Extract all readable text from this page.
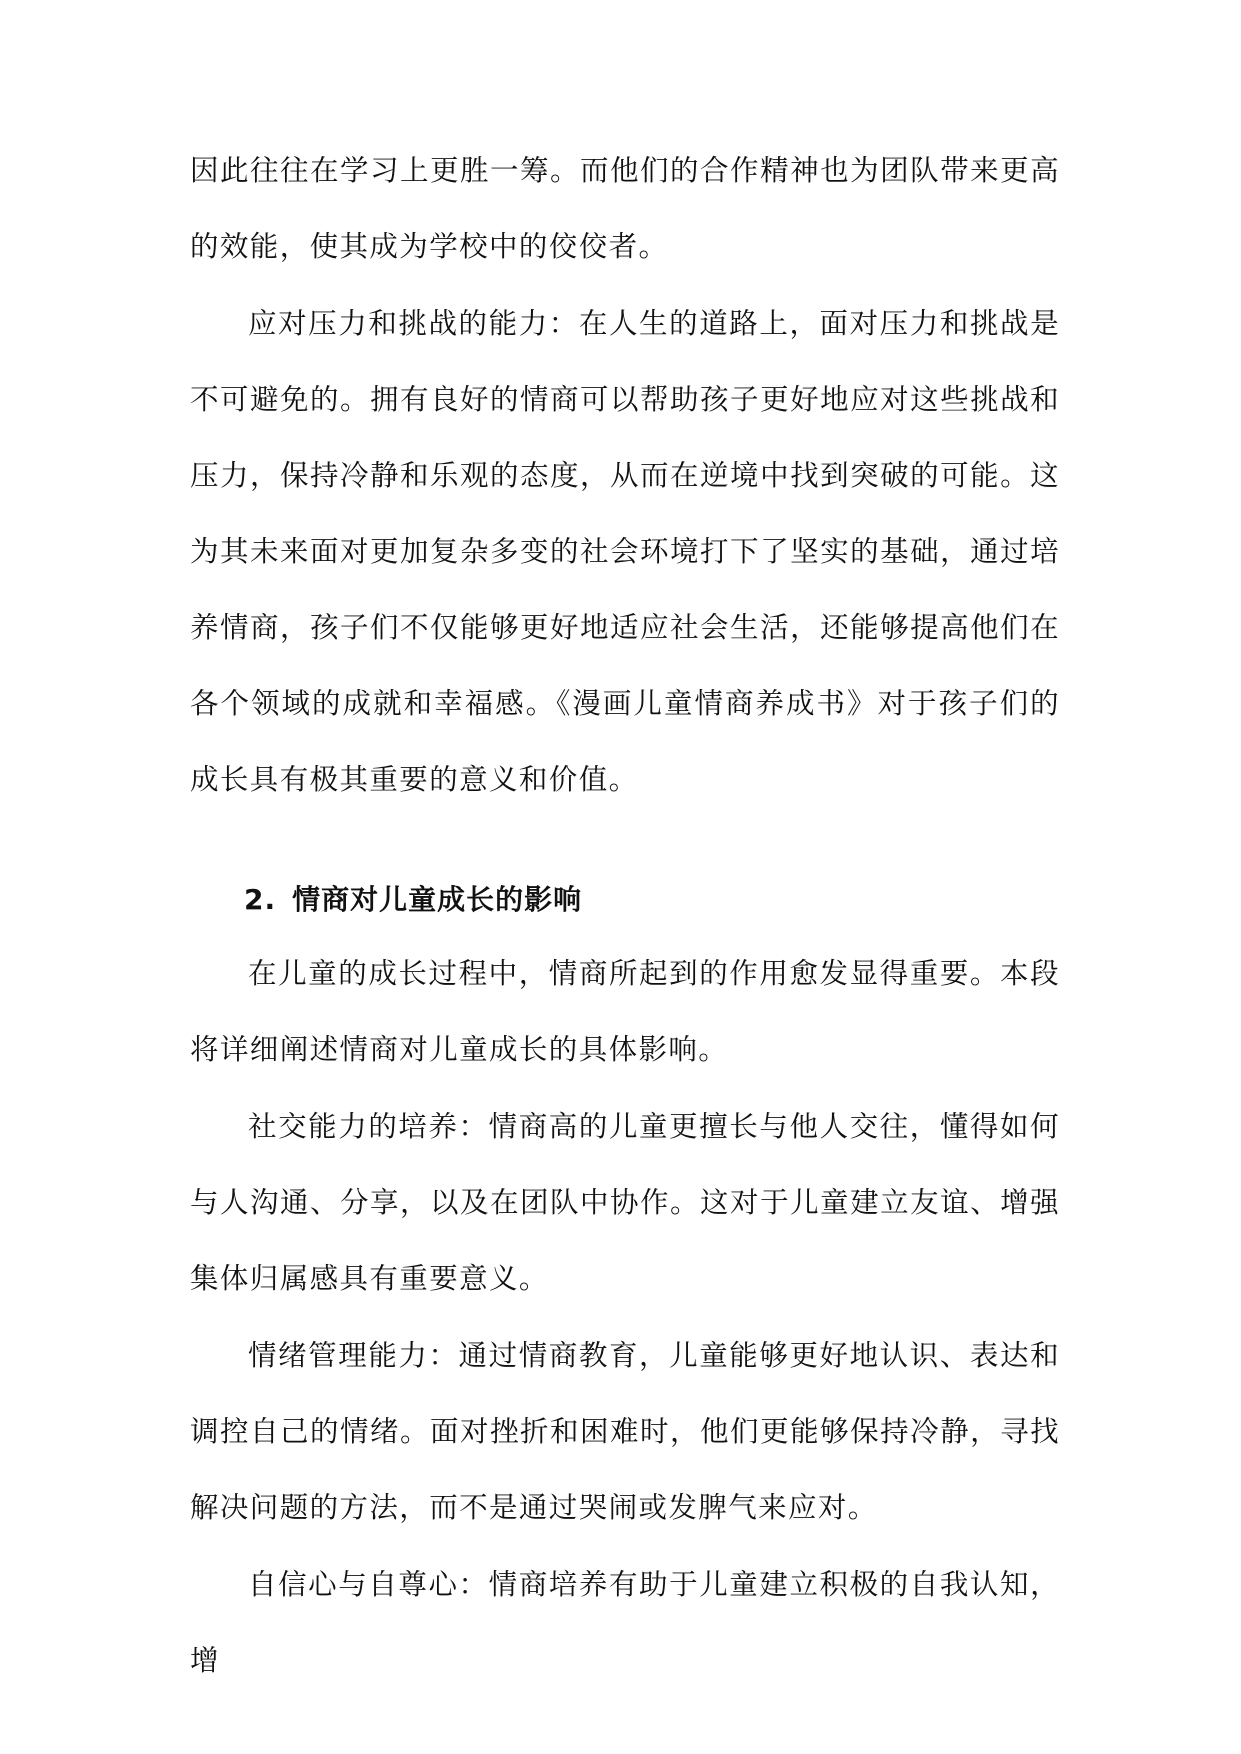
因此往往在学习上更胜一筹。而他们的合作精神也为团队带来更高的效能，使其成为学校中的佼佼者。

应对压力和挑战的能力：在人生的道路上，面对压力和挑战是不可避免的。拥有良好的情商可以帮助孩子更好地应对这些挑战和压力，保持冷静和乐观的态度，从而在逆境中找到突破的可能。这为其未来面对更加复杂多变的社会环境打下了坚实的基础，通过培养情商，孩子们不仅能够更好地适应社会生活，还能够提高他们在各个领域的成就和幸福感。《漫画儿童情商养成书》对于孩子们的成长具有极其重要的意义和价值。

2. 情商对儿童成长的影响

在儿童的成长过程中，情商所起到的作用愈发显得重要。本段将详细阐述情商对儿童成长的具体影响。

社交能力的培养：情商高的儿童更擅长与他人交往，懂得如何与人沟通、分享，以及在团队中协作。这对于儿童建立友谊、增强集体归属感具有重要意义。

情绪管理能力：通过情商教育，儿童能够更好地认识、表达和调控自己的情绪。面对挫折和困难时，他们更能够保持冷静，寻找解决问题的方法，而不是通过哭闹或发脾气来应对。

自信心与自尊心：情商培养有助于儿童建立积极的自我认知，增
